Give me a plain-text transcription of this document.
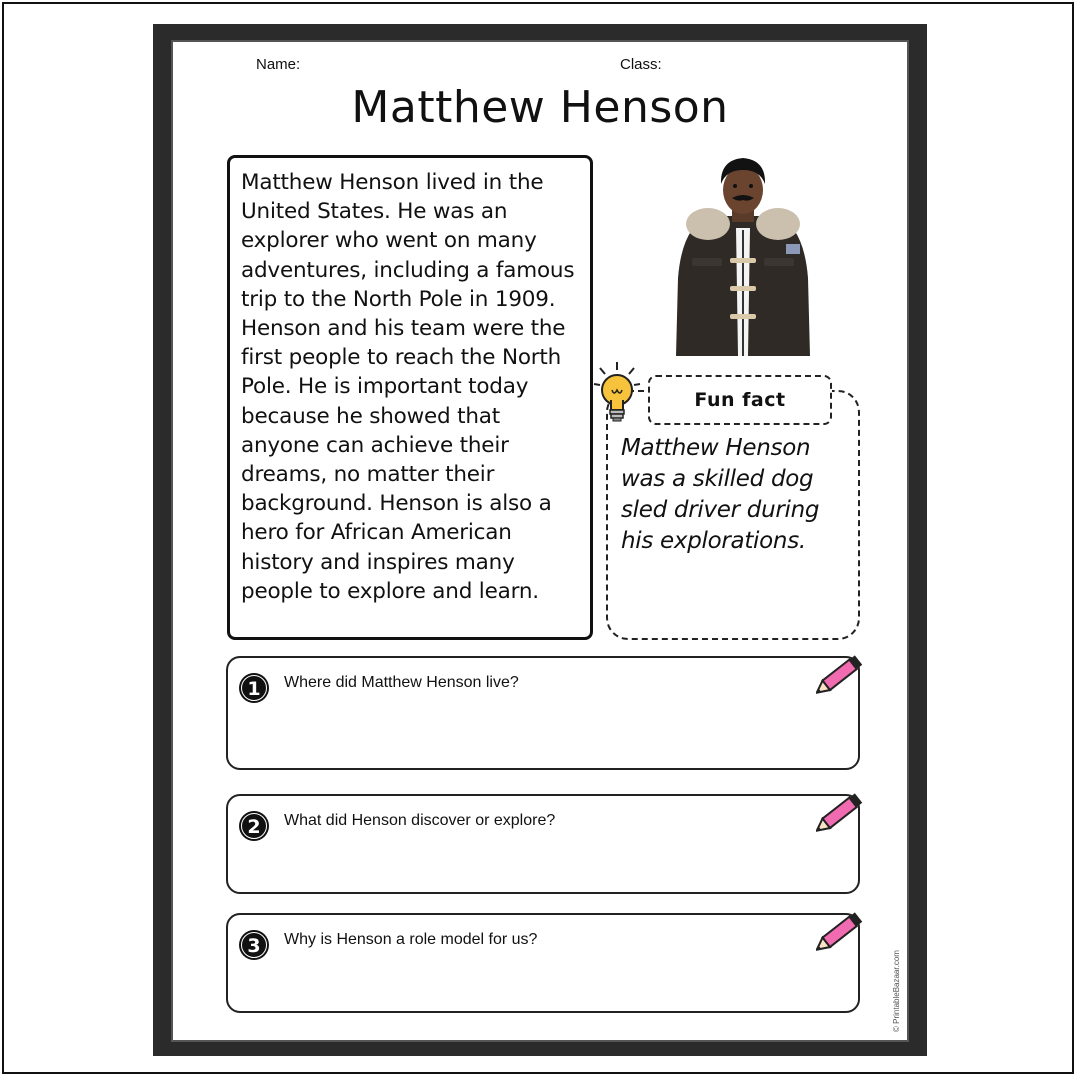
Name:	Class:
Matthew Henson
Matthew Henson lived in the United States. He was an explorer who went on many adventures, including a famous trip to the North Pole in 1909. Henson and his team were the first people to reach the North Pole. He is important today because he showed that anyone can achieve their dreams, no matter their background. Henson is also a hero for African American history and inspires many people to explore and learn.
Fun fact
Matthew Henson was a skilled dog sled driver during his explorations.
1 Where did Matthew Henson live?
2 What did Henson discover or explore?
3 Why is Henson a role model for us?
© PrintableBazaar.com
